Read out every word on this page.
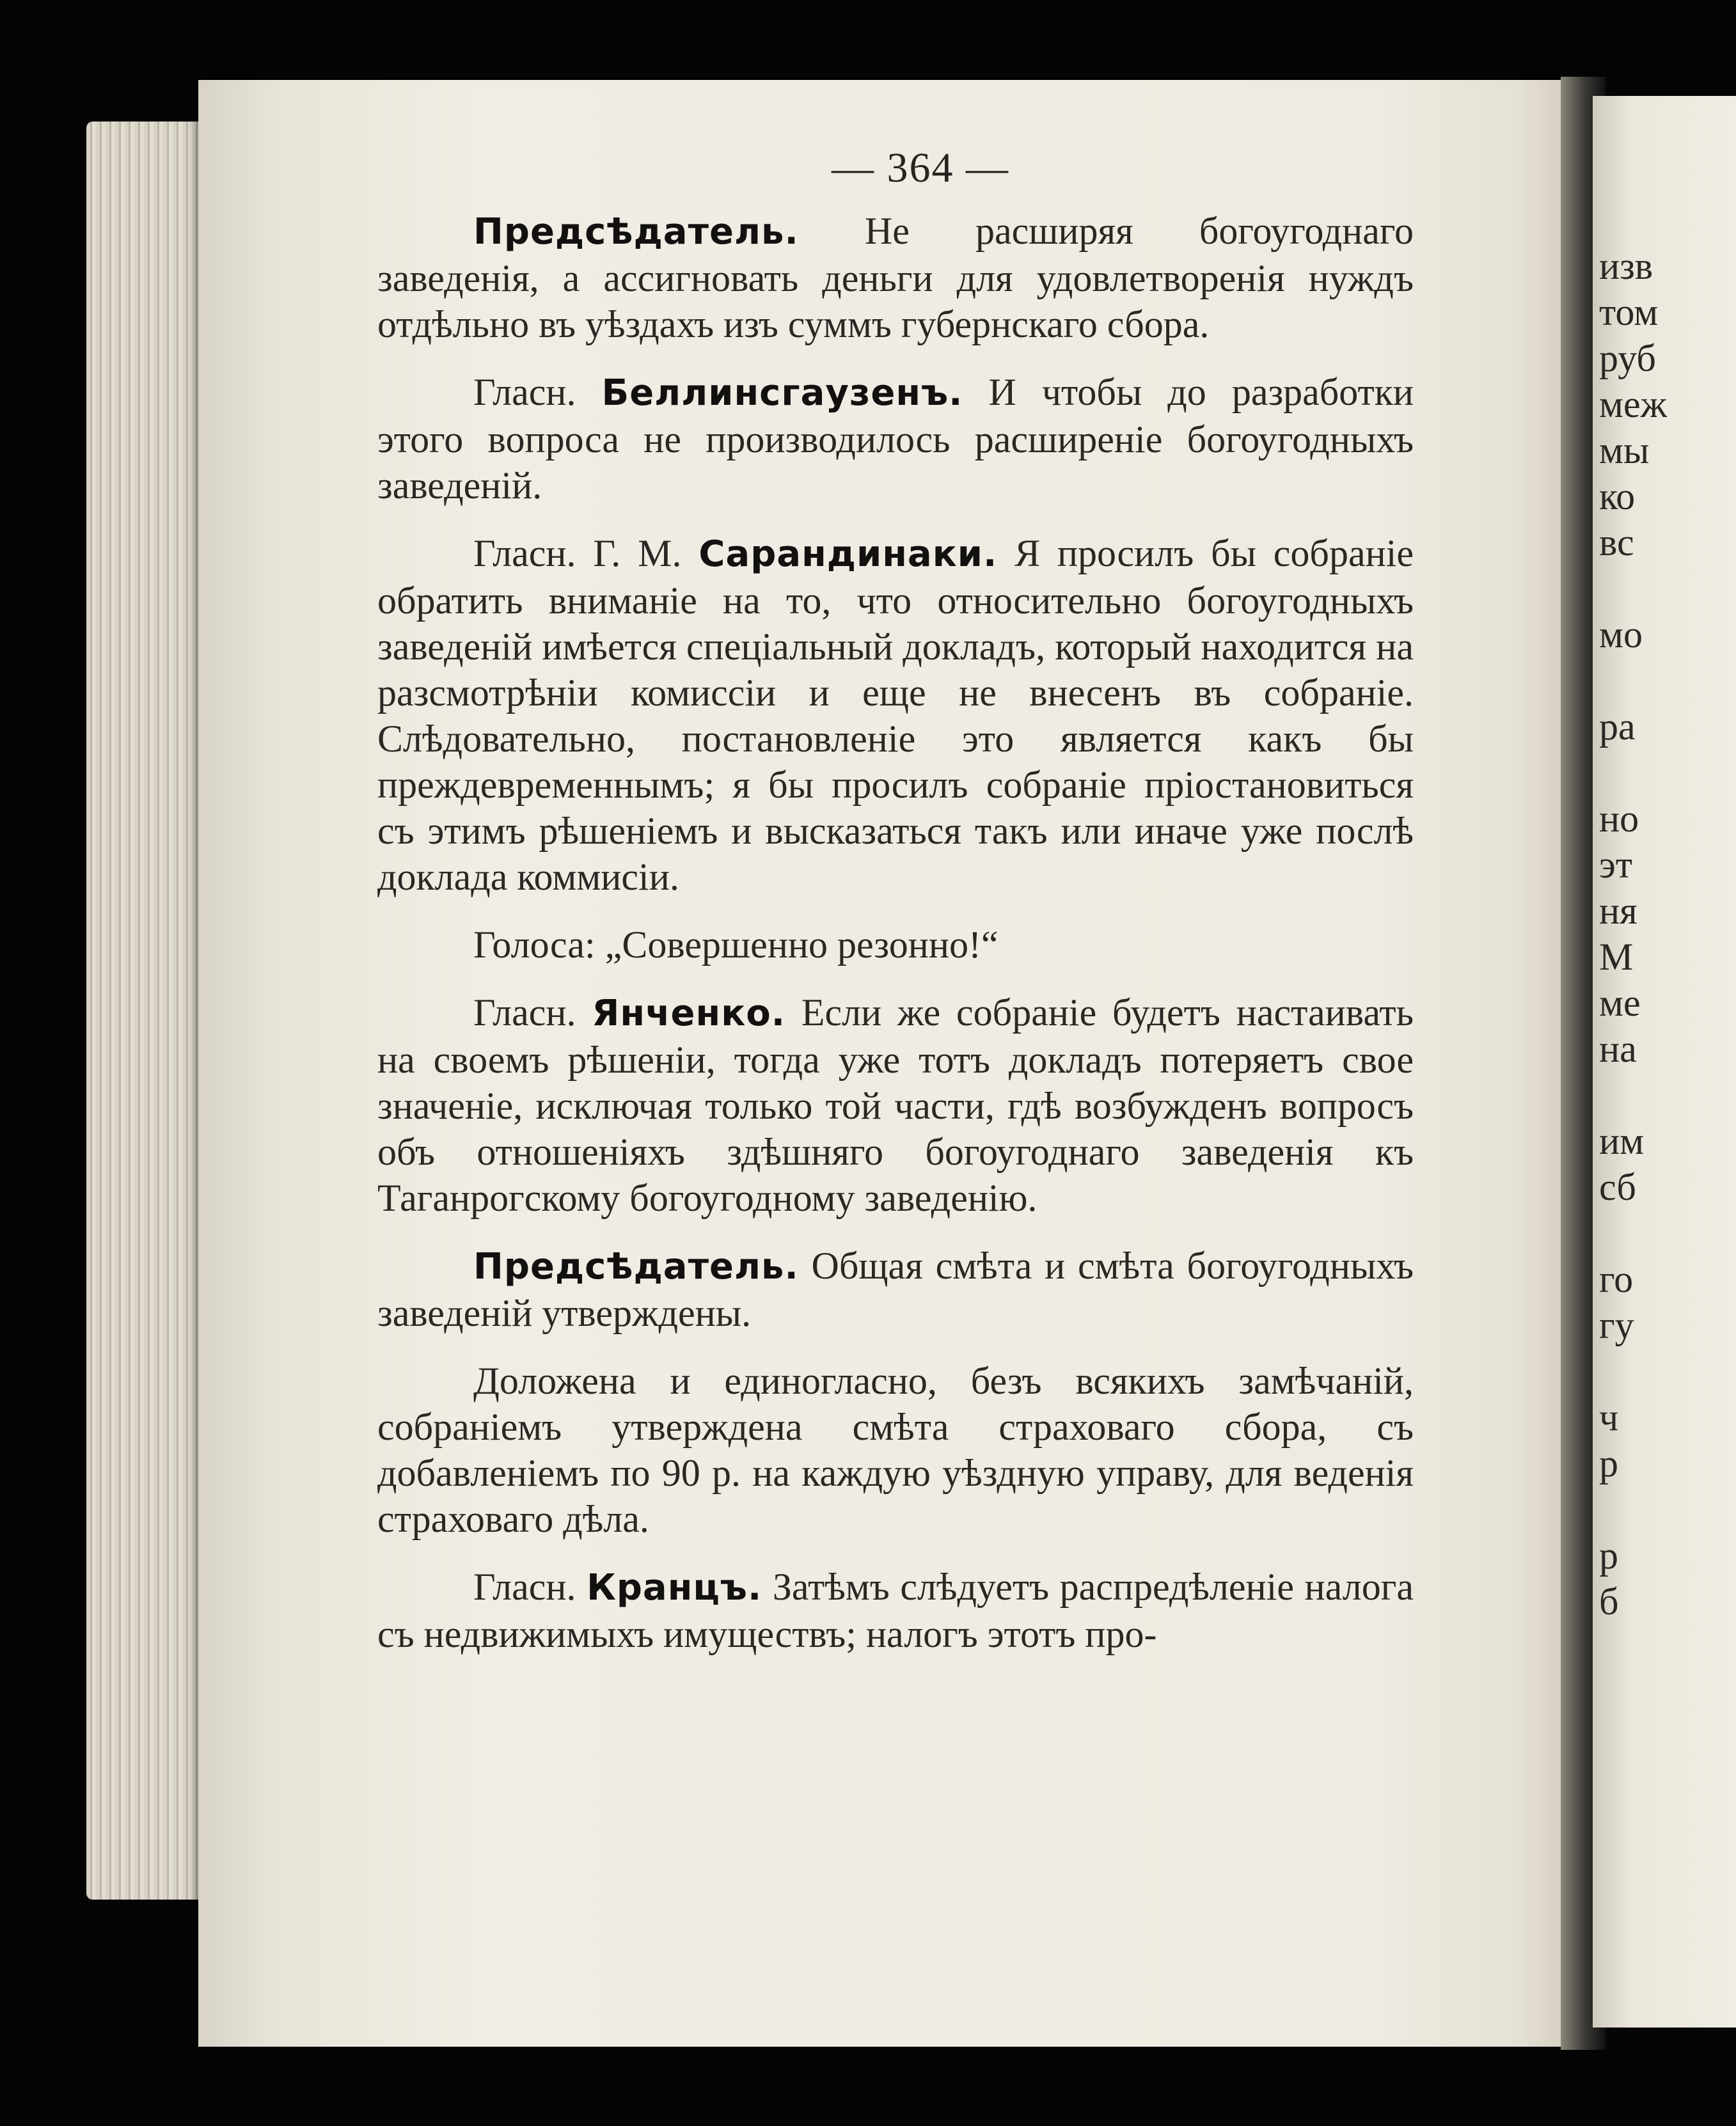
— 364 —

Предсѣдатель. Не расширяя богоугоднаго заведенія, а ассигновать деньги для удовлетворенія нуждъ отдѣльно въ уѣздахъ изъ суммъ губернскаго сбора.

Гласн. Беллинсгаузенъ. И чтобы до разработки этого вопроса не производилось расширеніе богоугодныхъ заведеній.

Гласн. Г. М. Сарандинаки. Я просилъ бы собраніе обратить вниманіе на то, что относительно богоугодныхъ заведеній имѣется спеціальный докладъ, который находится на разсмотрѣніи комиссіи и еще не внесенъ въ собраніе. Слѣдовательно, постановленіе это является какъ бы преждевременнымъ; я бы просилъ собраніе пріостановиться съ этимъ рѣшеніемъ и высказаться такъ или иначе уже послѣ доклада коммисіи.

Голоса: „Совершенно резонно!“

Гласн. Янченко. Если же собраніе будетъ настаивать на своемъ рѣшеніи, тогда уже тотъ докладъ потеряетъ свое значеніе, исключая только той части, гдѣ возбужденъ вопросъ объ отношеніяхъ здѣшняго богоугоднаго заведенія къ Таганрогскому богоугодному заведенію.

Предсѣдатель. Общая смѣта и смѣта богоугодныхъ заведеній утверждены.

Доложена и единогласно, безъ всякихъ замѣчаній, собраніемъ утверждена смѣта страховаго сбора, съ добавленіемъ по 90 р. на каждую уѣздную управу, для веденія страховаго дѣла.

Гласн. Кранцъ. Затѣмъ слѣдуетъ распредѣленіе налога съ недвижимыхъ имуществъ; налогъ этотъ про-

изв
том
руб
меж
мы
ко
вс
мо
ра
но
эт
ня
М
ме
на
им
сб
го
гу
ч
р
р
б
